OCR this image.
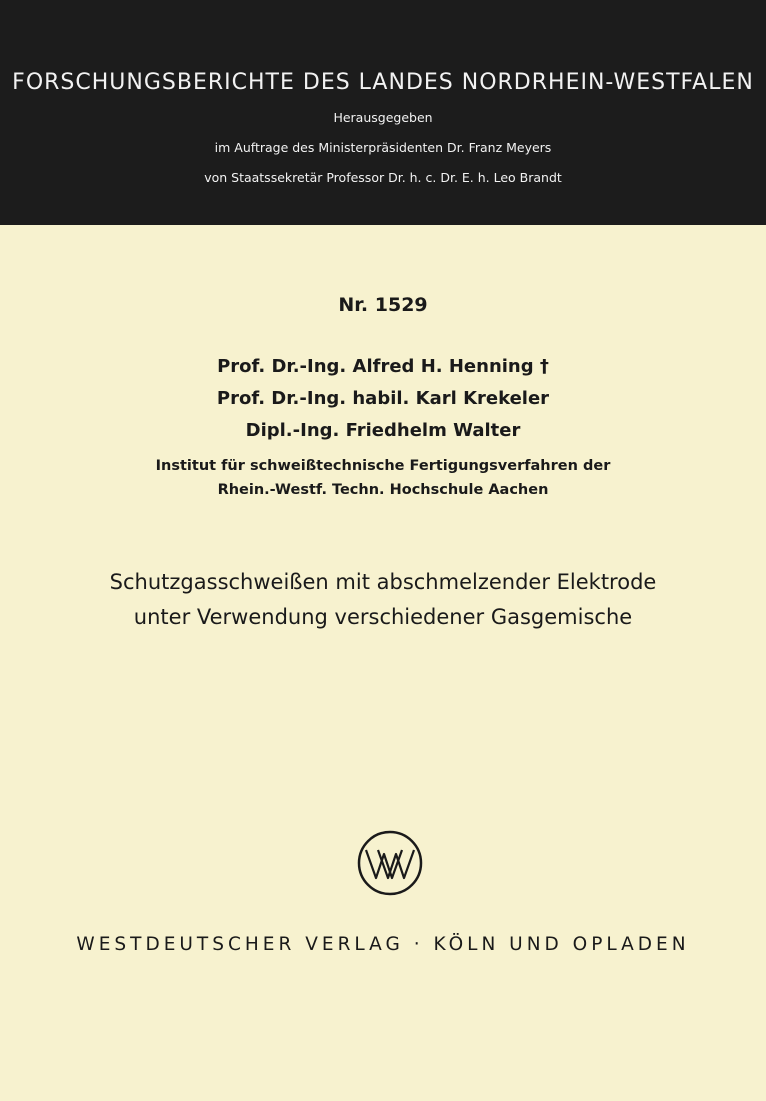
FORSCHUNGSBERICHTE DES LANDES NORDRHEIN-WESTFALEN
Herausgegeben
im Auftrage des Ministerpräsidenten Dr. Franz Meyers
von Staatssekretär Professor Dr. h. c. Dr. E. h. Leo Brandt
Nr. 1529
Prof. Dr.-Ing. Alfred H. Henning †
Prof. Dr.-Ing. habil. Karl Krekeler
Dipl.-Ing. Friedhelm Walter
Institut für schweißtechnische Fertigungsverfahren der
Rhein.-Westf. Techn. Hochschule Aachen
Schutzgasschweißen mit abschmelzender Elektrode
unter Verwendung verschiedener Gasgemische
WESTDEUTSCHER VERLAG · KÖLN UND OPLADEN
